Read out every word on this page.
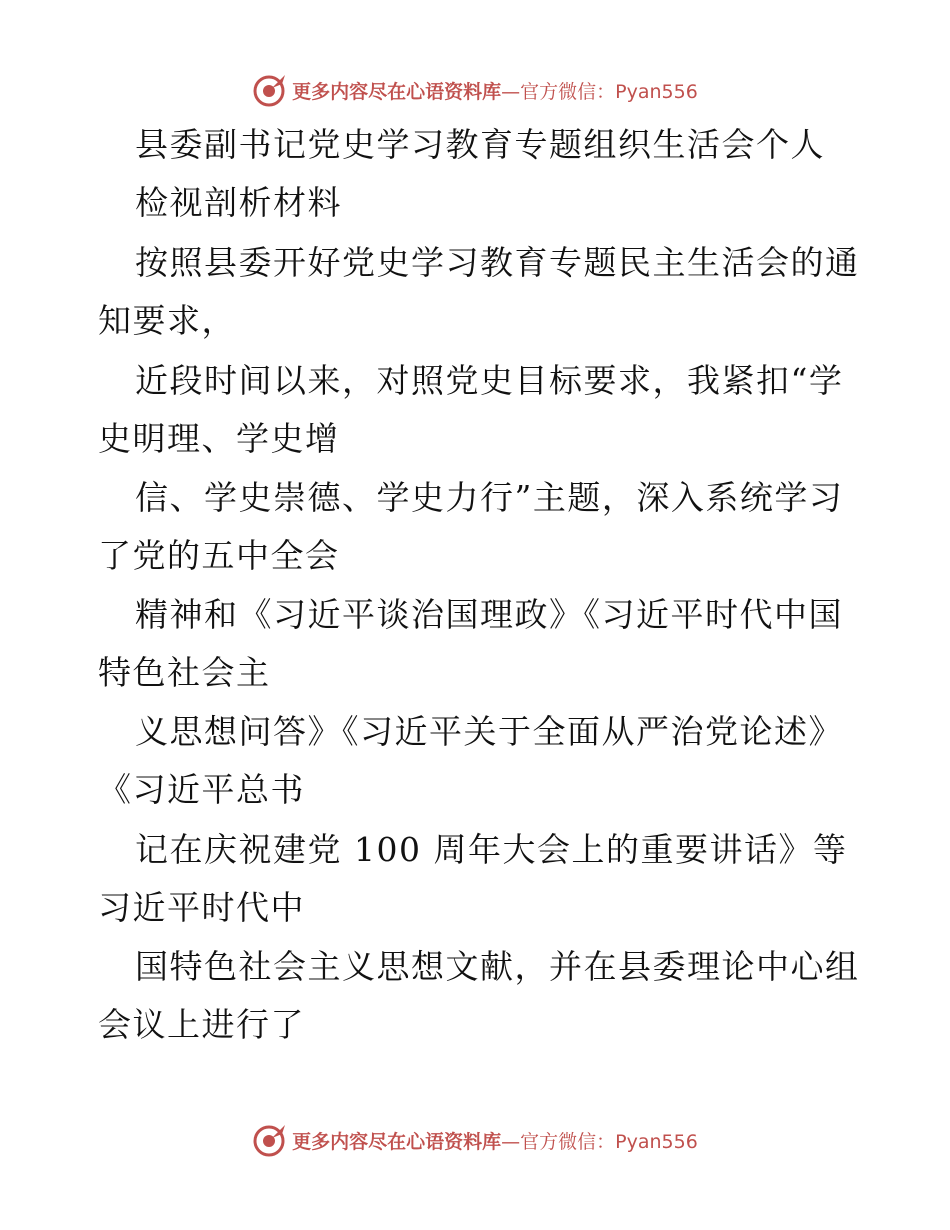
更多内容尽在心语资料库—官方微信：Pyan556
县委副书记党史学习教育专题组织生活会个人
检视剖析材料
按照县委开好党史学习教育专题民主生活会的通
知要求，
近段时间以来，对照党史目标要求，我紧扣“学
史明理、学史增
信、学史崇德、学史力行”主题，深入系统学习
了党的五中全会
精神和《习近平谈治国理政》《习近平时代中国
特色社会主
义思想问答》《习近平关于全面从严治党论述》
《习近平总书
记在庆祝建党 100 周年大会上的重要讲话》等
习近平时代中
国特色社会主义思想文献，并在县委理论中心组
会议上进行了
更多内容尽在心语资料库—官方微信：Pyan556
